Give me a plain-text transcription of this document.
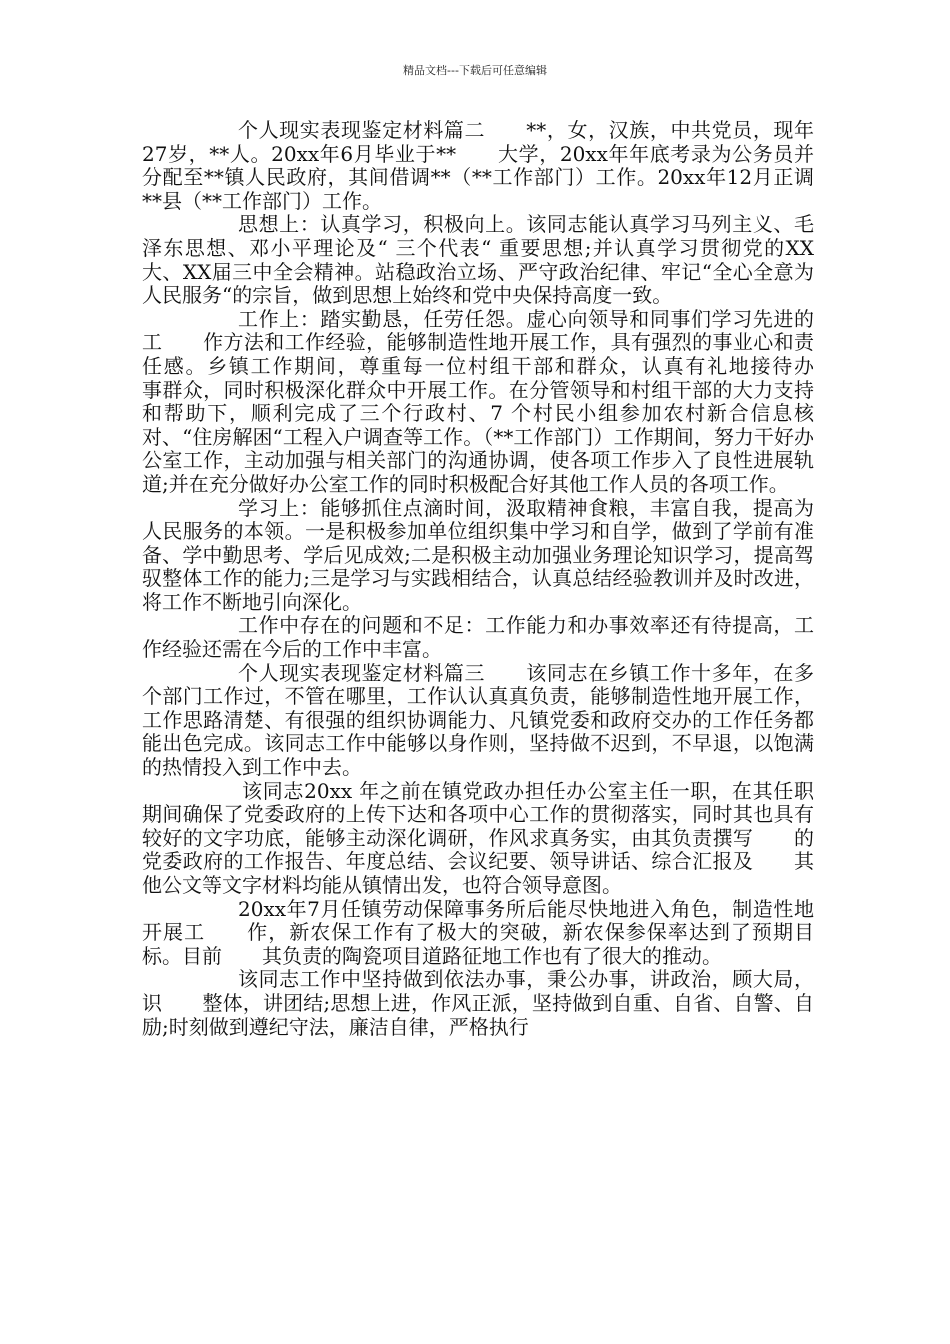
精品文档---下载后可任意编辑

个人现实表现鉴定材料篇二　　**，女，汉族，中共党员，现年27岁，**人。20xx年6月毕业于**　　大学，20xx年年底考录为公务员并分配至**镇人民政府，其间借调**（**工作部门）工作。20xx年12月正调**县（**工作部门）工作。

思想上：认真学习，积极向上。该同志能认真学习马列主义、毛泽东思想、邓小平理论及“ 三个代表“ 重要思想;并认真学习贯彻党的XX 大、XX届三中全会精神。站稳政治立场、严守政治纪律、牢记“全心全意为人民服务“的宗旨，做到思想上始终和党中央保持高度一致。

工作上：踏实勤恳，任劳任怨。虚心向领导和同事们学习先进的工　　作方法和工作经验，能够制造性地开展工作，具有强烈的事业心和责　　任感。乡镇工作期间，尊重每一位村组干部和群众，认真有礼地接待办　　事群众，同时积极深化群众中开展工作。在分管领导和村组干部的大力支持和帮助下，顺利完成了三个行政村、7 个村民小组参加农村新合信息核对、“住房解困“工程入户调查等工作。（**工作部门）工作期间，努力干好办公室工作，主动加强与相关部门的沟通协调，使各项工作步入了良性进展轨道;并在充分做好办公室工作的同时积极配合好其他工作人员的各项工作。

学习上：能够抓住点滴时间，汲取精神食粮，丰富自我，提高为人民服务的本领。一是积极参加单位组织集中学习和自学，做到了学前有准备、学中勤思考、学后见成效;二是积极主动加强业务理论知识学习，提高驾驭整体工作的能力;三是学习与实践相结合，认真总结经验教训并及时改进，将工作不断地引向深化。

工作中存在的问题和不足：工作能力和办事效率还有待提高，工作经验还需在今后的工作中丰富。

个人现实表现鉴定材料篇三　　该同志在乡镇工作十多年，在多个部门工作过，不管在哪里，工作认认真真负责，能够制造性地开展工作，工作思路清楚、有很强的组织协调能力、凡镇党委和政府交办的工作任务都能出色完成。该同志工作中能够以身作则，坚持做不迟到，不早退，以饱满的热情投入到工作中去。

该同志20xx 年之前在镇党政办担任办公室主任一职，在其任职期间确保了党委政府的上传下达和各项中心工作的贯彻落实，同时其也具有较好的文字功底，能够主动深化调研，作风求真务实，由其负责撰写　　的党委政府的工作报告、年度总结、会议纪要、领导讲话、综合汇报及　　其他公文等文字材料均能从镇情出发，也符合领导意图。

20xx年7月任镇劳动保障事务所后能尽快地进入角色，制造性地开展工　　作，新农保工作有了极大的突破，新农保参保率达到了预期目标。目前　　其负责的陶瓷项目道路征地工作也有了很大的推动。

该同志工作中坚持做到依法办事，秉公办事，讲政治，顾大局，识　　整体，讲团结;思想上进，作风正派，坚持做到自重、自省、自警、自　　励;时刻做到遵纪守法，廉洁自律，严格执行
